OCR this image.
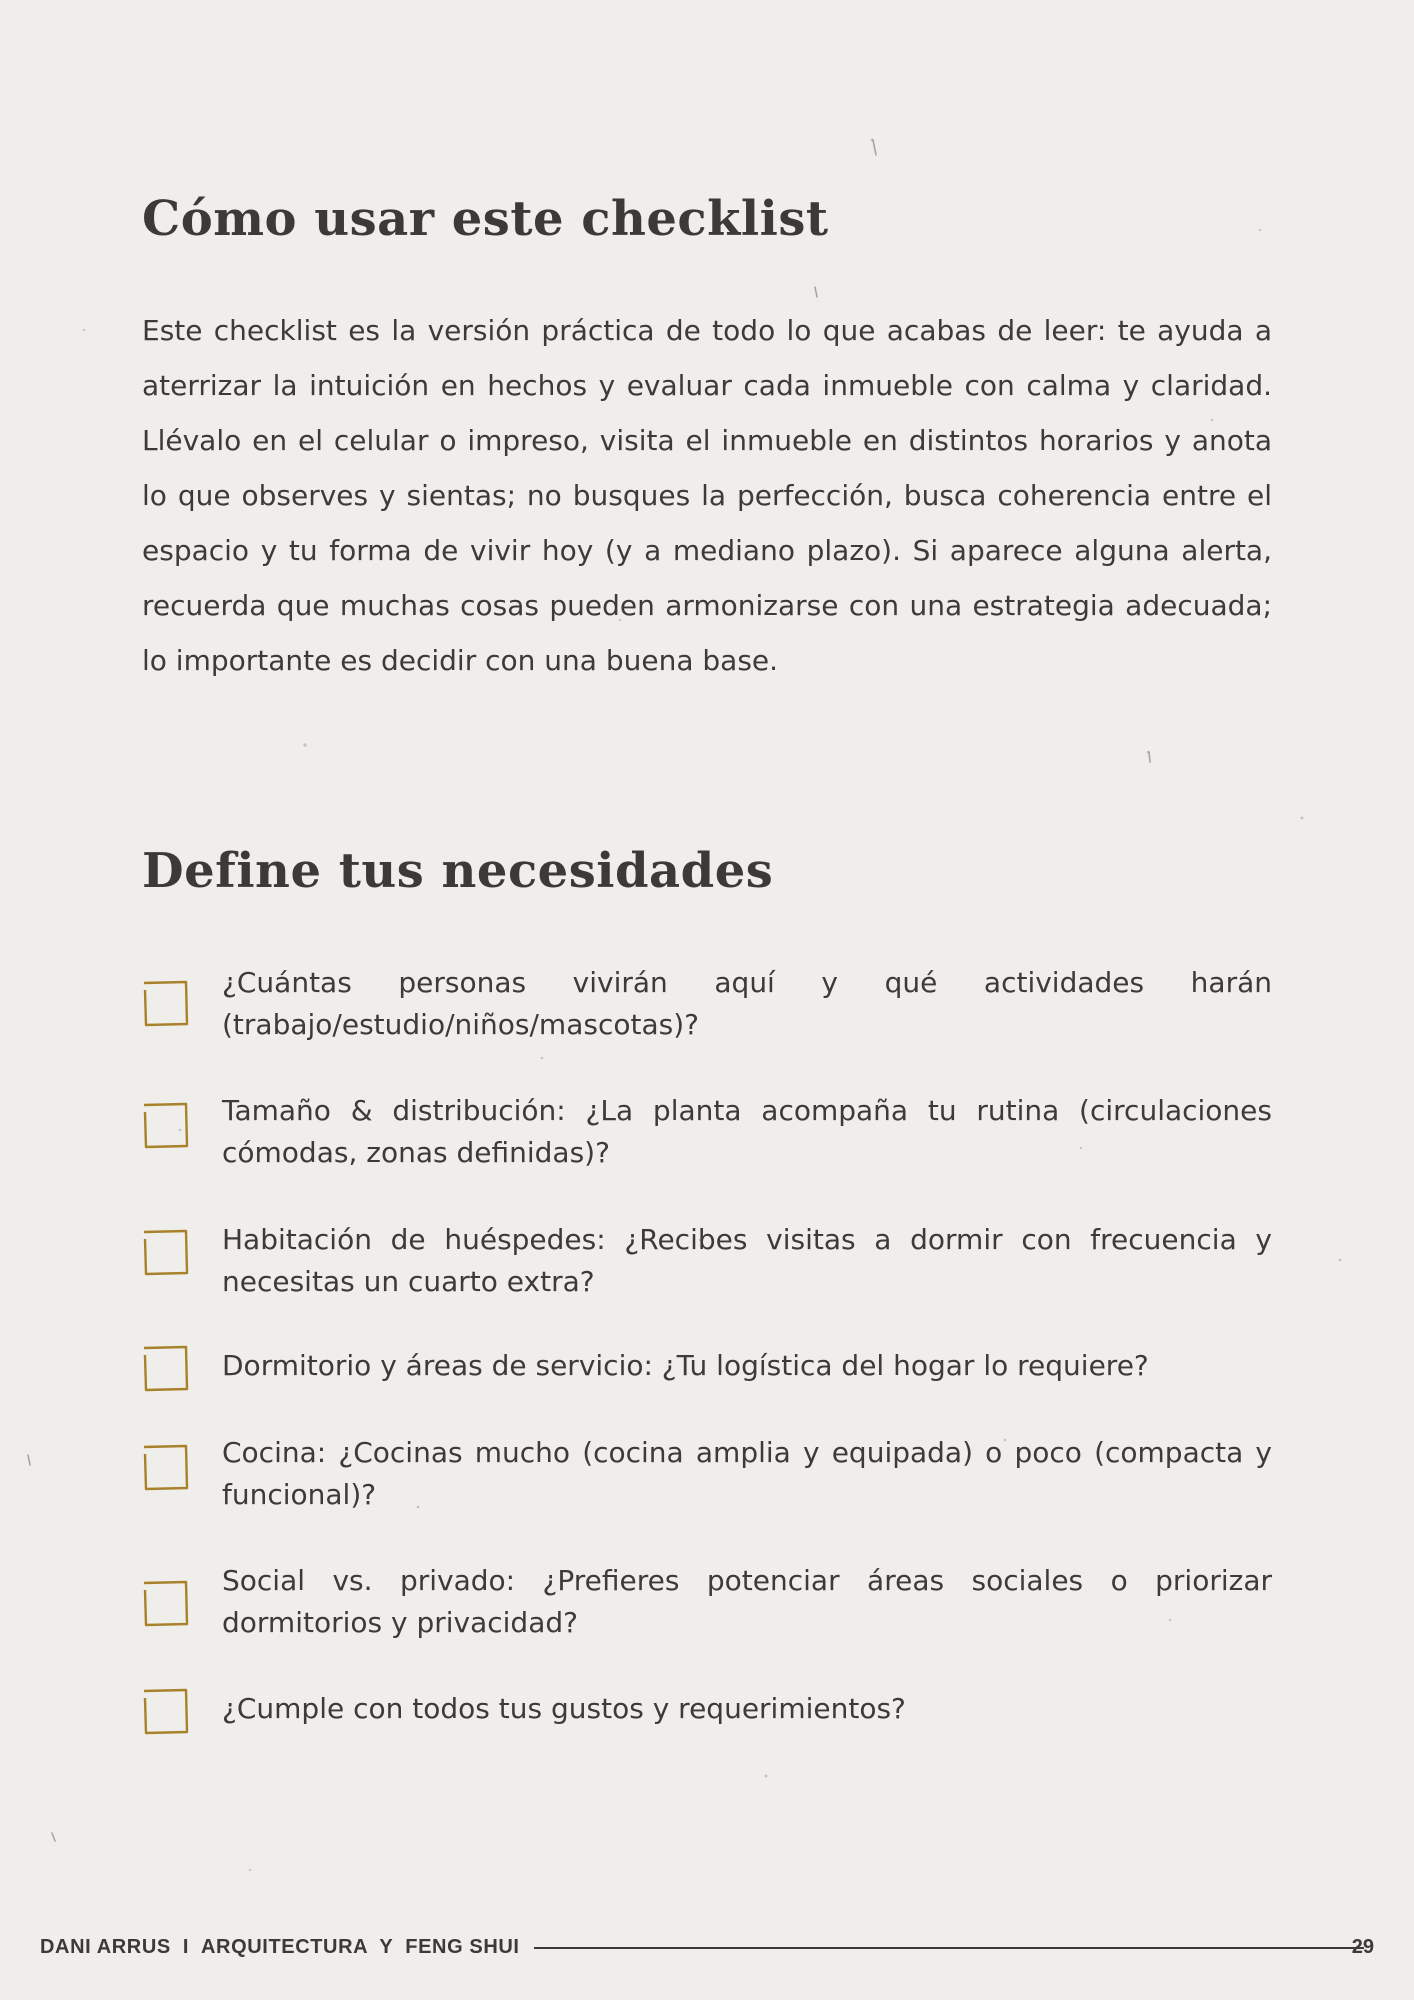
Cómo usar este checklist

Este checklist es la versión práctica de todo lo que acabas de leer: te ayuda a aterrizar la intuición en hechos y evaluar cada inmueble con calma y claridad. Llévalo en el celular o impreso, visita el inmueble en distintos horarios y anota lo que observes y sientas; no busques la perfección, busca coherencia entre el espacio y tu forma de vivir hoy (y a mediano plazo). Si aparece alguna alerta, recuerda que muchas cosas pueden armonizarse con una estrategia adecuada; lo importante es decidir con una buena base.

Define tus necesidades
¿Cuántas personas vivirán aquí y qué actividades harán (trabajo/estudio/niños/mascotas)?
Tamaño & distribución: ¿La planta acompaña tu rutina (circulaciones cómodas, zonas definidas)?
Habitación de huéspedes: ¿Recibes visitas a dormir con frecuencia y necesitas un cuarto extra?
Dormitorio y áreas de servicio: ¿Tu logística del hogar lo requiere?
Cocina: ¿Cocinas mucho (cocina amplia y equipada) o poco (compacta y funcional)?
Social vs. privado: ¿Prefieres potenciar áreas sociales o priorizar dormitorios y privacidad?
¿Cumple con todos tus gustos y requerimientos?
DANI ARRUS I ARQUITECTURA  Y  FENG SHUI	29
